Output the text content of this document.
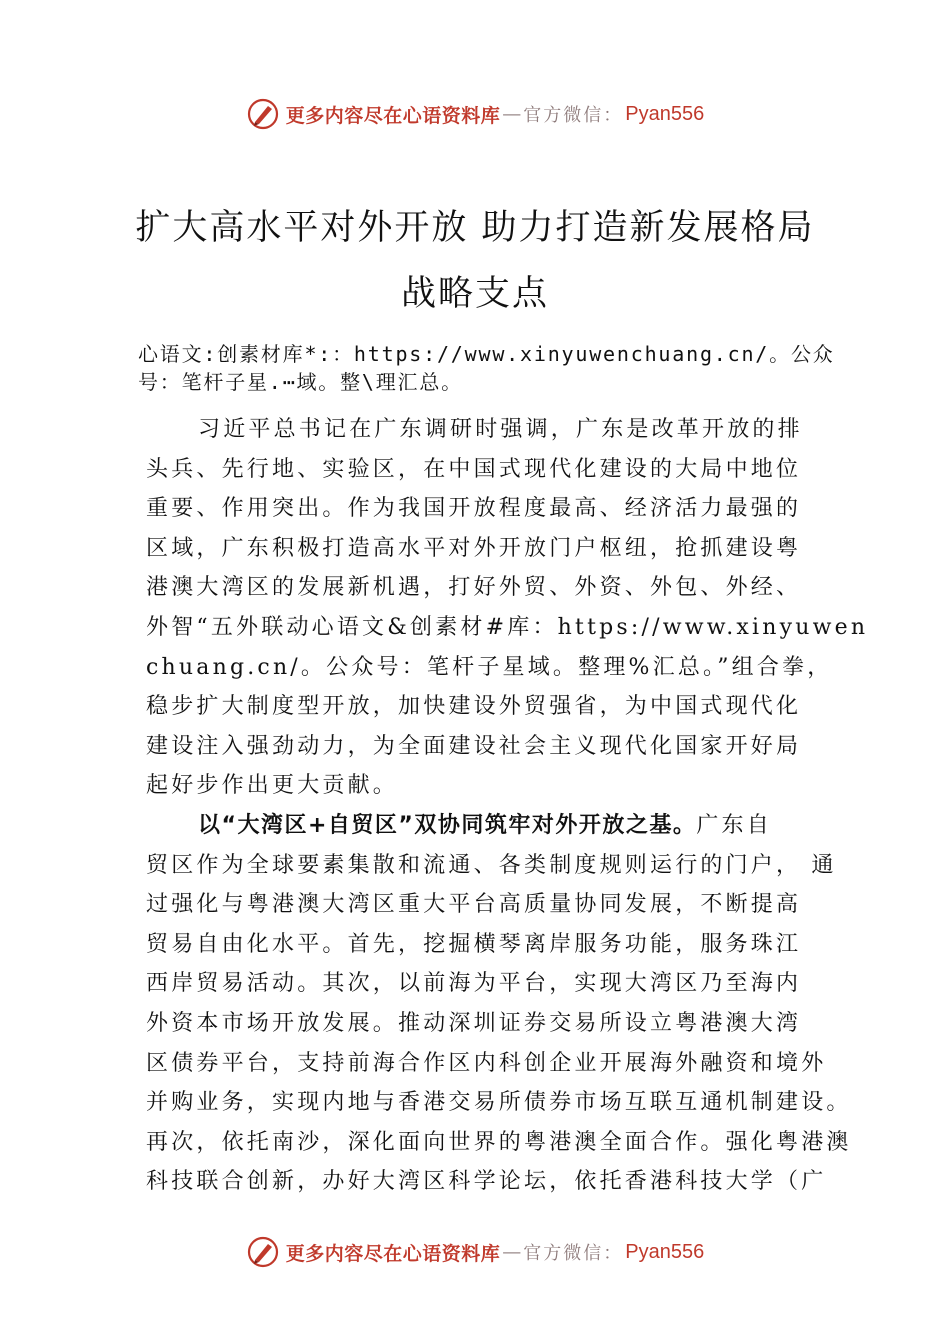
更多内容尽在心语资料库 — 官方微信： Pyan556
扩大高水平对外开放 助力打造新发展格局
战略支点
心语文:创素材库*:：https://www.xinyuwenchuang.cn/。公众
号：笔杆子星.⋯域。整\理汇总。
习近平总书记在广东调研时强调，广东是改革开放的排
头兵、先行地、实验区，在中国式现代化建设的大局中地位
重要、作用突出。作为我国开放程度最高、经济活力最强的
区域，广东积极打造高水平对外开放门户枢纽，抢抓建设粤
港澳大湾区的发展新机遇，打好外贸、外资、外包、外经、
外智“五外联动心语文&创素材#库：https://www.xinyuwen
chuang.cn/。公众号：笔杆子星域。整理%汇总。”组合拳，
稳步扩大制度型开放，加快建设外贸强省，为中国式现代化
建设注入强劲动力，为全面建设社会主义现代化国家开好局
起好步作出更大贡献。
以“大湾区+自贸区”双协同筑牢对外开放之基。广东自
贸区作为全球要素集散和流通、各类制度规则运行的门户， 通
过强化与粤港澳大湾区重大平台高质量协同发展，不断提高
贸易自由化水平。首先，挖掘横琴离岸服务功能，服务珠江
西岸贸易活动。其次，以前海为平台，实现大湾区乃至海内
外资本市场开放发展。推动深圳证券交易所设立粤港澳大湾
区债券平台，支持前海合作区内科创企业开展海外融资和境外
并购业务，实现内地与香港交易所债券市场互联互通机制建设。
再次，依托南沙，深化面向世界的粤港澳全面合作。强化粤港澳
科技联合创新，办好大湾区科学论坛，依托香港科技大学（广
更多内容尽在心语资料库 — 官方微信： Pyan556
